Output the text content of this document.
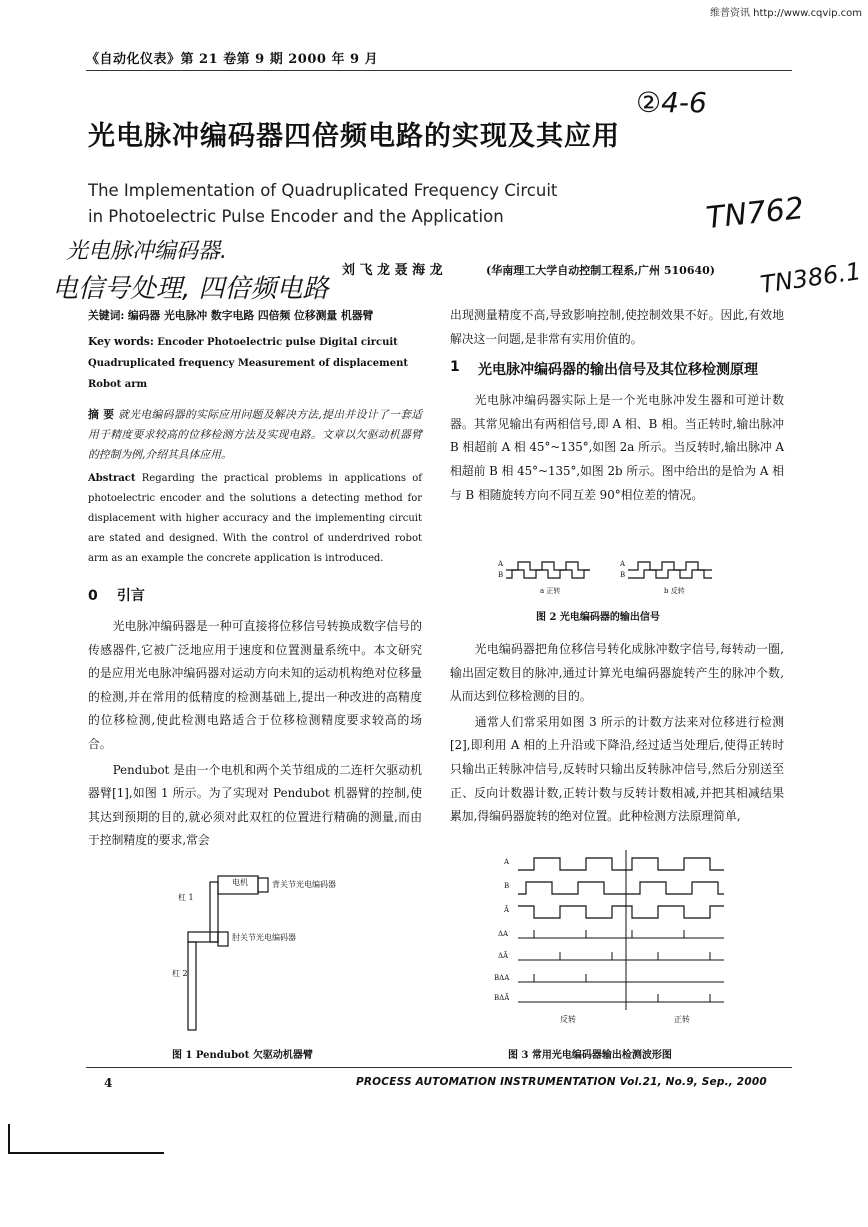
维普资讯 http://www.cqvip.com
《自动化仪表》第 21 卷第 9 期 2000 年 9 月
光电脉冲编码器四倍频电路的实现及其应用
The Implementation of Quadruplicated Frequency Circuit
in Photoelectric Pulse Encoder and the Application
②4-6
TN762
TN386.1
光电脉冲编码器.
电信号处理, 四倍频电路
刘 飞 龙 聂 海 龙	(华南理工大学自动控制工程系,广州 510640)
关键词: 编码器 光电脉冲 数字电路 四倍频 位移测量 机器臂
Key words: Encoder Photoelectric pulse Digital circuit Quadruplicated frequency Measurement of displacement Robot arm
摘 要 就光电编码器的实际应用问题及解决方法,提出并设计了一套适用于精度要求较高的位移检测方法及实现电路。文章以欠驱动机器臂的控制为例,介绍其具体应用。
Abstract Regarding the practical problems in applications of photoelectric encoder and the solutions a detecting method for displacement with higher accuracy and the implementing circuit are stated and designed. With the control of underdrived robot arm as an example the concrete application is introduced.
0 引言

光电脉冲编码器是一种可直接将位移信号转换成数字信号的传感器件,它被广泛地应用于速度和位置测量系统中。本文研究的是应用光电脉冲编码器对运动方向未知的运动机构绝对位移量的检测,并在常用的低精度的检测基础上,提出一种改进的高精度的位移检测,使此检测电路适合于位移检测精度要求较高的场合。

Pendubot 是由一个电机和两个关节组成的二连杆欠驱动机器臂[1],如图 1 所示。为了实现对 Pendubot 机器臂的控制,使其达到预期的目的,就必须对此双杠的位置进行精确的测量,而由于控制精度的要求,常会

电机	背关节光电编码器
肘关节光电编码器
杠 1
杠 2
图 1 Pendubot 欠驱动机器臂

出现测量精度不高,导致影响控制,使控制效果不好。因此,有效地解决这一问题,是非常有实用价值的。

1	光电脉冲编码器的输出信号及其位移检测原理

光电脉冲编码器实际上是一个光电脉冲发生器和可逆计数器。其常见输出有两相信号,即 A 相、B 相。当正转时,输出脉冲 B 相超前 A 相 45°~135°,如图 2a 所示。当反转时,输出脉冲 A 相超前 B 相 45°~135°,如图 2b 所示。图中给出的是恰为 A 相与 B 相随旋转方向不同互差 90°相位差的情况。

A
B
A
B
a 正转	b 反转
图 2 光电编码器的输出信号

光电编码器把角位移信号转化成脉冲数字信号,每转动一圈,输出固定数目的脉冲,通过计算光电编码器旋转产生的脉冲个数,从而达到位移检测的目的。

通常人们常采用如图 3 所示的计数方法来对位移进行检测[2],即利用 A 相的上升沿或下降沿,经过适当处理后,使得正转时只输出正转脉冲信号,反转时只输出反转脉冲信号,然后分别送至正、反向计数器计数,正转计数与反转计数相减,并把其相减结果累加,得编码器旋转的绝对位置。此种检测方法原理简单,

A
B
Ā
ΔA
ΔĀ
BΔA
BΔĀ
反转	正转
图 3 常用光电编码器输出检测波形图
4	PROCESS AUTOMATION INSTRUMENTATION Vol.21, No.9, Sep., 2000
